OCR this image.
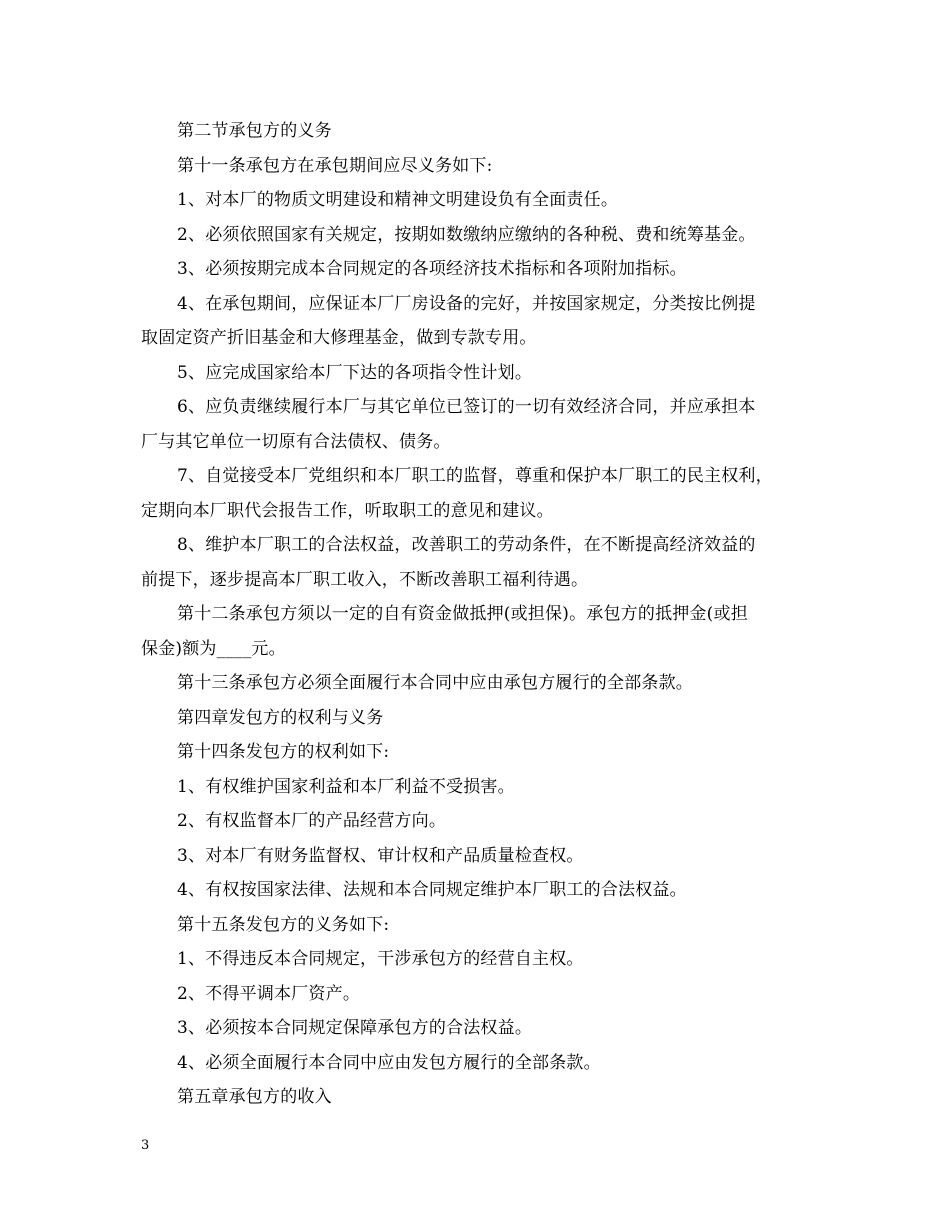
第二节承包方的义务
第十一条承包方在承包期间应尽义务如下:
1、对本厂的物质文明建设和精神文明建设负有全面责任。
2、必须依照国家有关规定，按期如数缴纳应缴纳的各种税、费和统筹基金。
3、必须按期完成本合同规定的各项经济技术指标和各项附加指标。
4、在承包期间，应保证本厂厂房设备的完好，并按国家规定，分类按比例提
取固定资产折旧基金和大修理基金，做到专款专用。
5、应完成国家给本厂下达的各项指令性计划。
6、应负责继续履行本厂与其它单位已签订的一切有效经济合同，并应承担本
厂与其它单位一切原有合法债权、债务。
7、自觉接受本厂党组织和本厂职工的监督，尊重和保护本厂职工的民主权利，
定期向本厂职代会报告工作，听取职工的意见和建议。
8、维护本厂职工的合法权益，改善职工的劳动条件，在不断提高经济效益的
前提下，逐步提高本厂职工收入，不断改善职工福利待遇。
第十二条承包方须以一定的自有资金做抵押(或担保)。承包方的抵押金(或担
保金)额为____元。
第十三条承包方必须全面履行本合同中应由承包方履行的全部条款。
第四章发包方的权利与义务
第十四条发包方的权利如下:
1、有权维护国家利益和本厂利益不受损害。
2、有权监督本厂的产品经营方向。
3、对本厂有财务监督权、审计权和产品质量检查权。
4、有权按国家法律、法规和本合同规定维护本厂职工的合法权益。
第十五条发包方的义务如下:
1、不得违反本合同规定，干涉承包方的经营自主权。
2、不得平调本厂资产。
3、必须按本合同规定保障承包方的合法权益。
4、必须全面履行本合同中应由发包方履行的全部条款。
第五章承包方的收入
3
